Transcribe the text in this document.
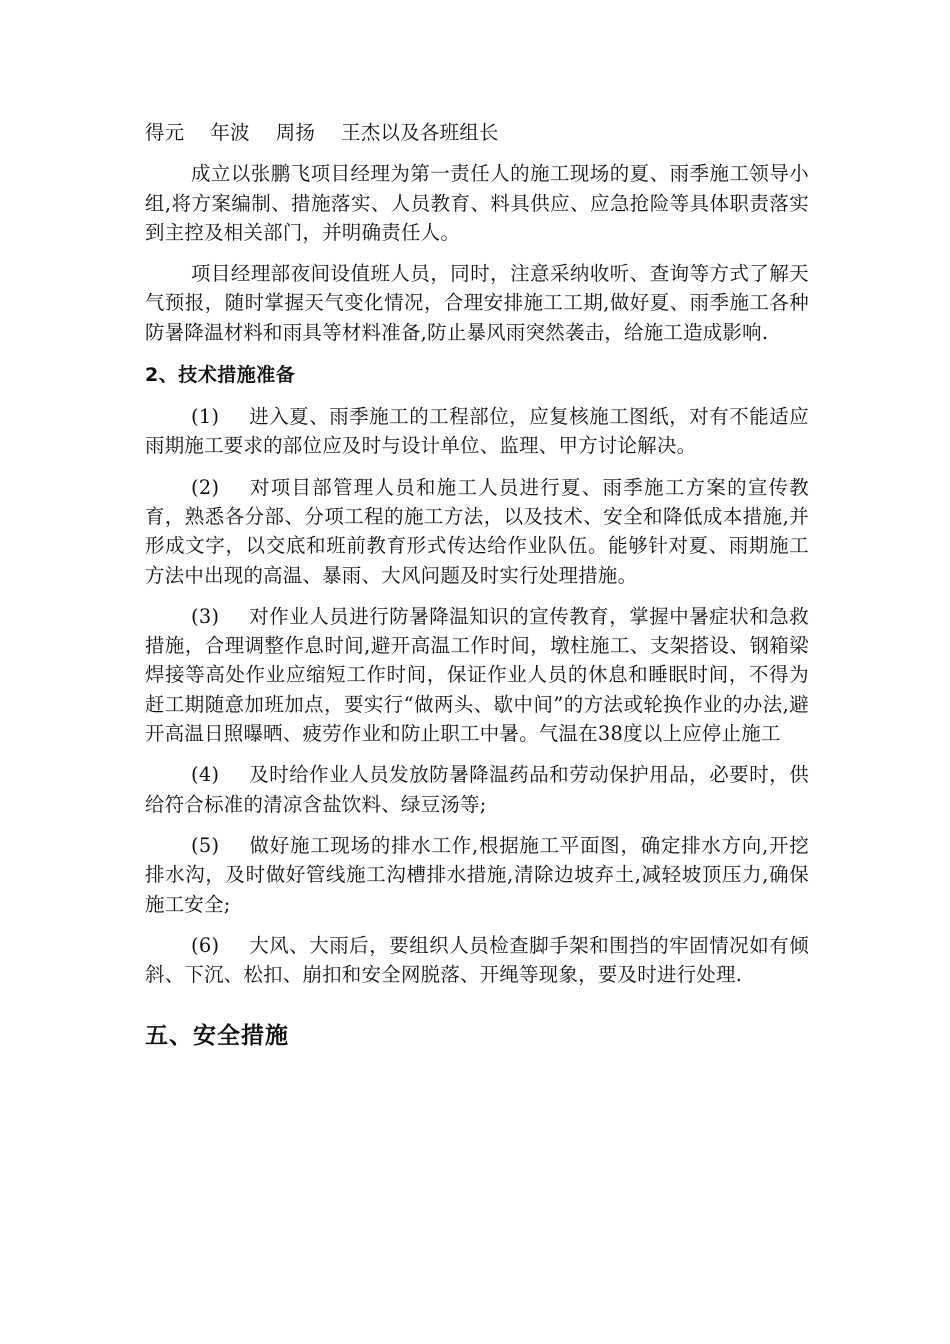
得元 年波 周扬 王杰以及各班组长

成立以张鹏飞项目经理为第一责任人的施工现场的夏、雨季施工领导小组,将方案编制、措施落实、人员教育、料具供应、应急抢险等具体职责落实到主控及相关部门，并明确责任人。

项目经理部夜间设值班人员，同时，注意采纳收听、查询等方式了解天气预报，随时掌握天气变化情况，合理安排施工工期,做好夏、雨季施工各种防暑降温材料和雨具等材料准备,防止暴风雨突然袭击，给施工造成影响.

2、技术措施准备

(1) 进入夏、雨季施工的工程部位，应复核施工图纸，对有不能适应雨期施工要求的部位应及时与设计单位、监理、甲方讨论解决。

(2) 对项目部管理人员和施工人员进行夏、雨季施工方案的宣传教育，熟悉各分部、分项工程的施工方法，以及技术、安全和降低成本措施,并形成文字，以交底和班前教育形式传达给作业队伍。能够针对夏、雨期施工方法中出现的高温、暴雨、大风问题及时实行处理措施。

(3) 对作业人员进行防暑降温知识的宣传教育，掌握中暑症状和急救措施，合理调整作息时间,避开高温工作时间，墩柱施工、支架搭设、钢箱梁焊接等高处作业应缩短工作时间，保证作业人员的休息和睡眠时间，不得为赶工期随意加班加点，要实行“做两头、歇中间”的方法或轮换作业的办法,避开高温日照曝晒、疲劳作业和防止职工中暑。气温在38度以上应停止施工

(4) 及时给作业人员发放防暑降温药品和劳动保护用品，必要时，供给符合标准的清凉含盐饮料、绿豆汤等;

(5) 做好施工现场的排水工作,根据施工平面图，确定排水方向,开挖排水沟，及时做好管线施工沟槽排水措施,清除边坡弃土,减轻坡顶压力,确保施工安全;

(6) 大风、大雨后，要组织人员检查脚手架和围挡的牢固情况如有倾斜、下沉、松扣、崩扣和安全网脱落、开绳等现象，要及时进行处理.

五、安全措施
